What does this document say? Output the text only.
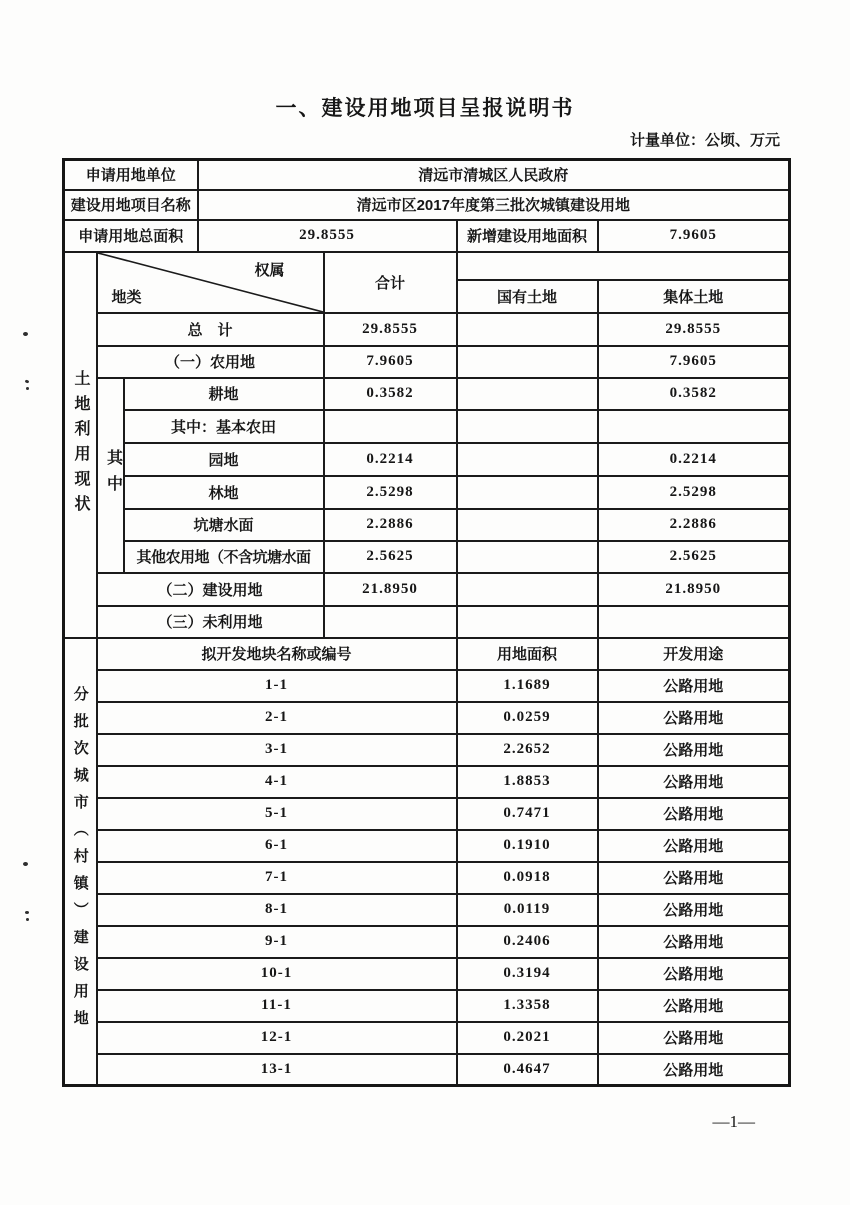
一、建设用地项目呈报说明书
计量单位：公顷、万元
申请用地单位			清远市清城区人民政府			
建设用地项目名称			清远市区2017年度第三批次城镇建设用地			
申请用地总面积			29.8555		新增建设用地面积	7.9605

土地利用现状	权属
地类			合计		
					国有土地	集体土地
	总　计			29.8555		29.8555
	（一）农用地			7.9605		7.9605

	其中	耕地		0.3582		0.3582
		其中：基本农田				
		园地		0.2214		0.2214
		林地		2.5298		2.5298
		坑塘水面		2.2886		2.2886
		其他农用地（不含坑塘水面		2.5625		2.5625
	（二）建设用地			21.8950		21.8950
	（三）未利用地					

分批次城市（村镇）建设用地	拟开发地块名称或编号				用地面积	开发用途
	1-1				1.1689	公路用地
	2-1				0.0259	公路用地
	3-1				2.2652	公路用地
	4-1				1.8853	公路用地
	5-1				0.7471	公路用地
	6-1				0.1910	公路用地
	7-1				0.0918	公路用地
	8-1				0.0119	公路用地
	9-1				0.2406	公路用地
	10-1				0.3194	公路用地
	11-1				1.3358	公路用地
	12-1				0.2021	公路用地
	13-1				0.4647	公路用地
—1—
